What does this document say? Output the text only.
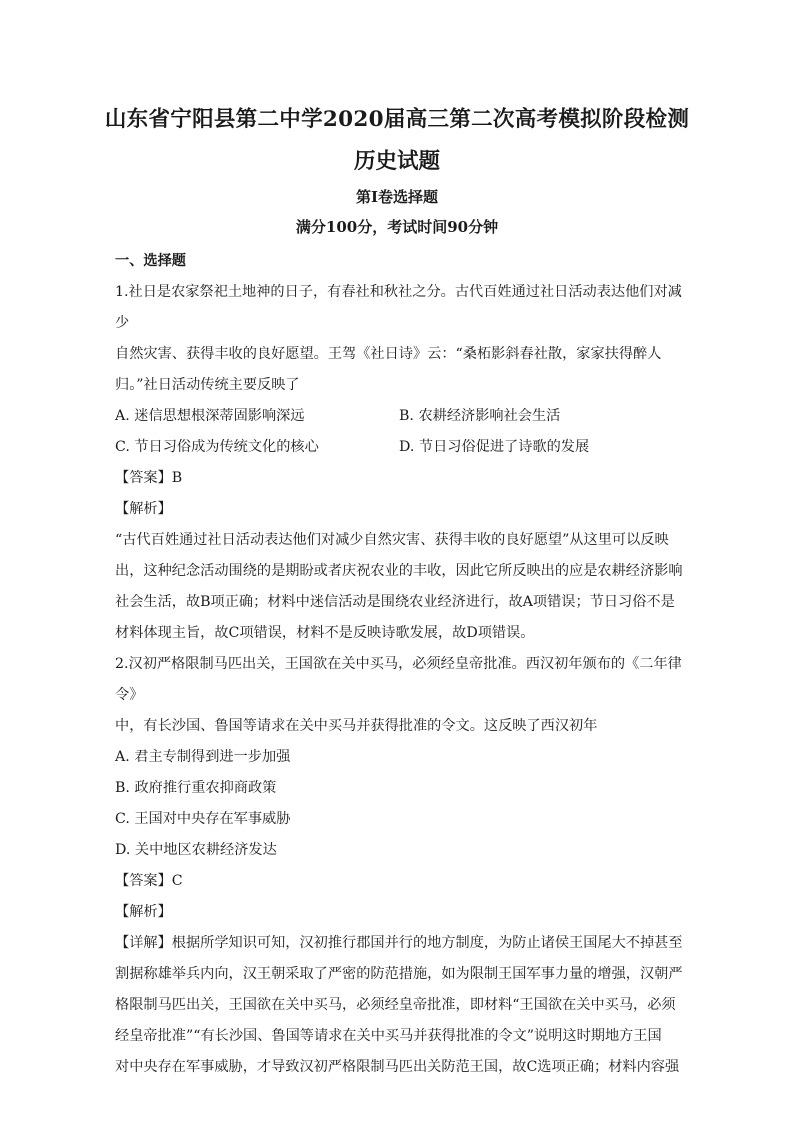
山东省宁阳县第二中学2020届高三第二次高考模拟阶段检测
历史试题
第Ⅰ卷选择题
满分100分，考试时间90分钟

一、选择题

1.社日是农家祭祀土地神的日子，有春社和秋社之分。古代百姓通过社日活动表达他们对减少

自然灾害、获得丰收的良好愿望。王驾《社日诗》云：“桑柘影斜春社散，家家扶得醉人

归。”社日活动传统主要反映了

A. 迷信思想根深蒂固影响深远	B. 农耕经济影响社会生活
C. 节日习俗成为传统文化的核心	D. 节日习俗促进了诗歌的发展

【答案】B

【解析】

“古代百姓通过社日活动表达他们对减少自然灾害、获得丰收的良好愿望”从这里可以反映

出，这种纪念活动围绕的是期盼或者庆祝农业的丰收，因此它所反映出的应是农耕经济影响

社会生活，故B项正确；材料中迷信活动是围绕农业经济进行，故A项错误；节日习俗不是

材料体现主旨，故C项错误，材料不是反映诗歌发展，故D项错误。

2.汉初严格限制马匹出关，王国欲在关中买马，必须经皇帝批准。西汉初年颁布的《二年律令》

中，有长沙国、鲁国等请求在关中买马并获得批准的令文。这反映了西汉初年

A. 君主专制得到进一步加强

B. 政府推行重农抑商政策

C. 王国对中央存在军事威胁

D. 关中地区农耕经济发达

【答案】C

【解析】

【详解】根据所学知识可知，汉初推行郡国并行的地方制度，为防止诸侯王国尾大不掉甚至

割据称雄举兵内向，汉王朝采取了严密的防范措施，如为限制王国军事力量的增强，汉朝严

格限制马匹出关，王国欲在关中买马，必须经皇帝批准，即材料“王国欲在关中买马，必须

经皇帝批准”“有长沙国、鲁国等请求在关中买马并获得批准的令文”说明这时期地方王国

对中央存在军事威胁，才导致汉初严格限制马匹出关防范王国，故C选项正确；材料内容强
